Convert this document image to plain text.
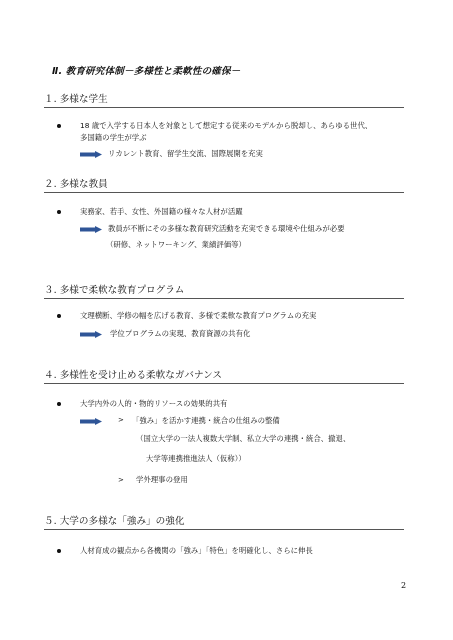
Ⅱ. 教育研究体制－多様性と柔軟性の確保－
１. 多様な学生
18 歳で入学する日本人を対象として想定する従来のモデルから脱却し、あらゆる世代、
多国籍の学生が学ぶ
リカレント教育、留学生交流、国際展開を充実
２. 多様な教員
実務家、若手、女性、外国籍の様々な人材が活躍
教員が不断にその多様な教育研究活動を充実できる環境や仕組みが必要
（研修、ネットワーキング、業績評価等）
３. 多様で柔軟な教育プログラム
文理横断、学修の幅を広げる教育、多様で柔軟な教育プログラムの充実
学位プログラムの実現、教育資源の共有化
４. 多様性を受け止める柔軟なガバナンス
大学内外の人的・物的リソースの効果的共有
> 「強み」を活かす連携・統合の仕組みの整備
（国立大学の一法人複数大学制、私立大学の連携・統合、撤退、
大学等連携推進法人（仮称））
> 学外理事の登用
５. 大学の多様な「強み」の強化
人材育成の観点から各機関の「強み」「特色」を明確化し、さらに伸長
2
